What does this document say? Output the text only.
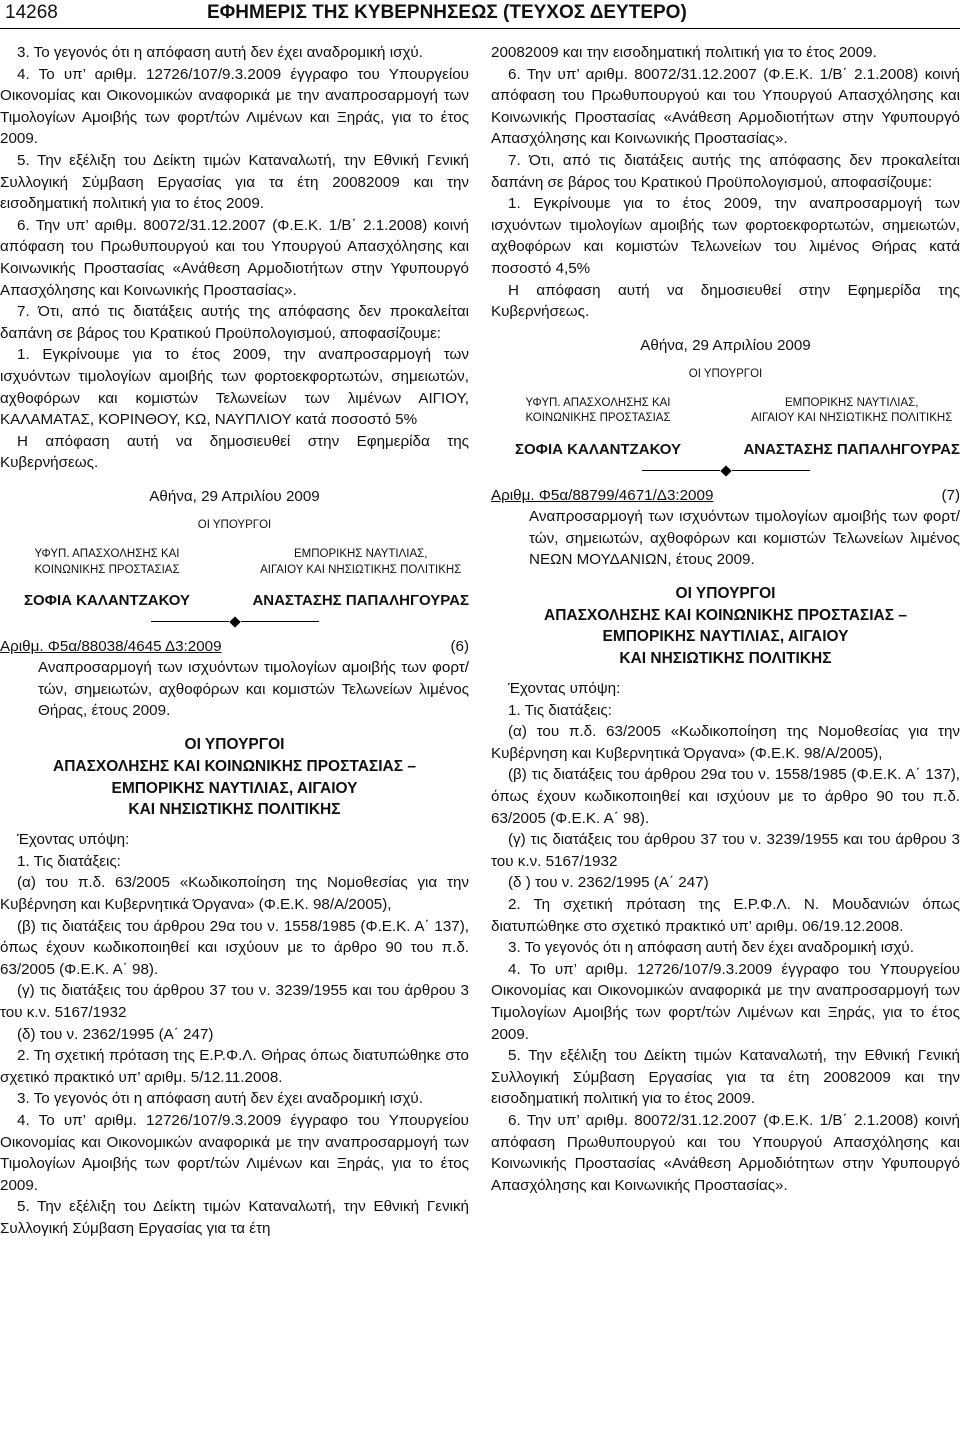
14268	ΕΦΗΜΕΡΙΣ ΤΗΣ ΚΥΒΕΡΝΗΣΕΩΣ (ΤΕΥΧΟΣ ΔΕΥΤΕΡΟ)

3. Το γεγονός ότι η απόφαση αυτή δεν έχει αναδρομική ισχύ.

4. Το υπ’ αριθμ. 12726/107/9.3.2009 έγγραφο του Υπουργείου Οικονομίας και Οικονομικών αναφορικά με την αναπροσαρμογή των Τιμολογίων Αμοιβής των φορτ/τών Λιμένων και Ξηράς, για το έτος 2009.

5. Την εξέλιξη του Δείκτη τιμών Καταναλωτή, την Εθνική Γενική Συλλογική Σύμβαση Εργασίας για τα έτη 20082009 και την εισοδηματική πολιτική για το έτος 2009.

6. Την υπ’ αριθμ. 80072/31.12.2007 (Φ.Ε.Κ. 1/Β΄ 2.1.2008) κοινή απόφαση του Πρωθυπουργού και του Υπουργού Απασχόλησης και Κοινωνικής Προστασίας «Ανάθεση Αρμοδιοτήτων στην Υφυπουργό Απασχόλησης και Κοινωνικής Προστασίας».

7. Ότι, από τις διατάξεις αυτής της απόφασης δεν προκαλείται δαπάνη σε βάρος του Κρατικού Προϋπολογισμού, αποφασίζουμε:

1. Εγκρίνουμε για το έτος 2009, την αναπροσαρμογή των ισχυόντων τιμολογίων αμοιβής των φορτοεκφορτωτών, σημειωτών, αχθοφόρων και κομιστών Τελωνείων των λιμένων ΑΙΓΙΟΥ, ΚΑΛΑΜΑΤΑΣ, ΚΟΡΙΝΘΟΥ, ΚΩ, ΝΑΥΠΛΙΟΥ κατά ποσοστό 5%

Η απόφαση αυτή να δημοσιευθεί στην Εφημερίδα της Κυβερνήσεως.

Αθήνα, 29 Απριλίου 2009

ΟΙ ΥΠΟΥΡΓΟΙ

ΥΦΥΠ. ΑΠΑΣΧΟΛΗΣΗΣ ΚΑΙ
ΚΟΙΝΩΝΙΚΗΣ ΠΡΟΣΤΑΣΙΑΣ
ΣΟΦΙΑ ΚΑΛΑΝΤΖΑΚΟΥ
ΕΜΠΟΡΙΚΗΣ ΝΑΥΤΙΛΙΑΣ,
ΑΙΓΑΙΟΥ ΚΑΙ ΝΗΣΙΩΤΙΚΗΣ ΠΟΛΙΤΙΚΗΣ
ΑΝΑΣΤΑΣΗΣ ΠΑΠΑΛΗΓΟΥΡΑΣ
Αριθμ. Φ5α/88038/4645 Δ3:2009	(6)

Αναπροσαρμογή των ισχυόντων τιμολογίων αμοιβής των φορτ/τών, σημειωτών, αχθοφόρων και κομιστών Τελωνείων λιμένος Θήρας, έτους 2009.

ΟΙ ΥΠΟΥΡΓΟΙ

ΑΠΑΣΧΟΛΗΣΗΣ ΚΑΙ ΚΟΙΝΩΝΙΚΗΣ ΠΡΟΣΤΑΣΙΑΣ –

ΕΜΠΟΡΙΚΗΣ ΝΑΥΤΙΛΙΑΣ, ΑΙΓΑΙΟΥ

ΚΑΙ ΝΗΣΙΩΤΙΚΗΣ ΠΟΛΙΤΙΚΗΣ

Έχοντας υπόψη:

1. Τις διατάξεις:

(α) του π.δ. 63/2005 «Κωδικοποίηση της Νομοθεσίας για την Κυβέρνηση και Κυβερνητικά Όργανα» (Φ.Ε.Κ. 98/Α/2005),

(β) τις διατάξεις του άρθρου 29α του ν. 1558/1985 (Φ.Ε.Κ. Α΄ 137), όπως έχουν κωδικοποιηθεί και ισχύουν με το άρθρο 90 του π.δ. 63/2005 (Φ.Ε.Κ. Α΄ 98).

(γ) τις διατάξεις του άρθρου 37 του ν. 3239/1955 και του άρθρου 3 του κ.ν. 5167/1932

(δ) του ν. 2362/1995 (Α΄ 247)

2. Τη σχετική πρόταση της Ε.Ρ.Φ.Λ. Θήρας όπως διατυπώθηκε στο σχετικό πρακτικό υπ’ αριθμ. 5/12.11.2008.

3. Το γεγονός ότι η απόφαση αυτή δεν έχει αναδρομική ισχύ.

4. Το υπ’ αριθμ. 12726/107/9.3.2009 έγγραφο του Υπουργείου Οικονομίας και Οικονομικών αναφορικά με την αναπροσαρμογή των Τιμολογίων Αμοιβής των φορτ/τών Λιμένων και Ξηράς, για το έτος 2009.

5. Την εξέλιξη του Δείκτη τιμών Καταναλωτή, την Εθνική Γενική Συλλογική Σύμβαση Εργασίας για τα έτη

20082009 και την εισοδηματική πολιτική για το έτος 2009.

6. Την υπ’ αριθμ. 80072/31.12.2007 (Φ.Ε.Κ. 1/Β΄ 2.1.2008) κοινή απόφαση του Πρωθυπουργού και του Υπουργού Απασχόλησης και Κοινωνικής Προστασίας «Ανάθεση Αρμοδιοτήτων στην Υφυπουργό Απασχόλησης και Κοινωνικής Προστασίας».

7. Ότι, από τις διατάξεις αυτής της απόφασης δεν προκαλείται δαπάνη σε βάρος του Κρατικού Προϋπολογισμού, αποφασίζουμε:

1. Εγκρίνουμε για το έτος 2009, την αναπροσαρμογή των ισχυόντων τιμολογίων αμοιβής των φορτοεκφορτωτών, σημειωτών, αχθοφόρων και κομιστών Τελωνείων του λιμένος Θήρας κατά ποσοστό 4,5%

Η απόφαση αυτή να δημοσιευθεί στην Εφημερίδα της Κυβερνήσεως.

Αθήνα, 29 Απριλίου 2009

ΟΙ ΥΠΟΥΡΓΟΙ

ΥΦΥΠ. ΑΠΑΣΧΟΛΗΣΗΣ ΚΑΙ
ΚΟΙΝΩΝΙΚΗΣ ΠΡΟΣΤΑΣΙΑΣ
ΣΟΦΙΑ ΚΑΛΑΝΤΖΑΚΟΥ
ΕΜΠΟΡΙΚΗΣ ΝΑΥΤΙΛΙΑΣ,
ΑΙΓΑΙΟΥ ΚΑΙ ΝΗΣΙΩΤΙΚΗΣ ΠΟΛΙΤΙΚΗΣ
ΑΝΑΣΤΑΣΗΣ ΠΑΠΑΛΗΓΟΥΡΑΣ
Αριθμ. Φ5α/88799/4671/Δ3:2009	(7)

Αναπροσαρμογή των ισχυόντων τιμολογίων αμοιβής των φορτ/τών, σημειωτών, αχθοφόρων και κομιστών Τελωνείων λιμένος ΝΕΩΝ ΜΟΥΔΑΝΙΩΝ, έτους 2009.

ΟΙ ΥΠΟΥΡΓΟΙ

ΑΠΑΣΧΟΛΗΣΗΣ ΚΑΙ ΚΟΙΝΩΝΙΚΗΣ ΠΡΟΣΤΑΣΙΑΣ –

ΕΜΠΟΡΙΚΗΣ ΝΑΥΤΙΛΙΑΣ, ΑΙΓΑΙΟΥ

ΚΑΙ ΝΗΣΙΩΤΙΚΗΣ ΠΟΛΙΤΙΚΗΣ

Έχοντας υπόψη:

1. Τις διατάξεις:

(α) του π.δ. 63/2005 «Κωδικοποίηση της Νομοθεσίας για την Κυβέρνηση και Κυβερνητικά Όργανα» (Φ.Ε.Κ. 98/Α/2005),

(β) τις διατάξεις του άρθρου 29α του ν. 1558/1985 (Φ.Ε.Κ. Α΄ 137), όπως έχουν κωδικοποιηθεί και ισχύουν με το άρθρο 90 του π.δ. 63/2005 (Φ.Ε.Κ. Α΄ 98).

(γ) τις διατάξεις του άρθρου 37 του ν. 3239/1955 και του άρθρου 3 του κ.ν. 5167/1932

(δ ) του ν. 2362/1995 (Α΄ 247)

2. Τη σχετική πρόταση της Ε.Ρ.Φ.Λ. Ν. Μουδανιών όπως διατυπώθηκε στο σχετικό πρακτικό υπ’ αριθμ. 06/19.12.2008.

3. Το γεγονός ότι η απόφαση αυτή δεν έχει αναδρομική ισχύ.

4. Το υπ’ αριθμ. 12726/107/9.3.2009 έγγραφο του Υπουργείου Οικονομίας και Οικονομικών αναφορικά με την αναπροσαρμογή των Τιμολογίων Αμοιβής των φορτ/τών Λιμένων και Ξηράς, για το έτος 2009.

5. Την εξέλιξη του Δείκτη τιμών Καταναλωτή, την Εθνική Γενική Συλλογική Σύμβαση Εργασίας για τα έτη 20082009 και την εισοδηματική πολιτική για το έτος 2009.

6. Την υπ’ αριθμ. 80072/31.12.2007 (Φ.Ε.Κ. 1/Β΄ 2.1.2008) κοινή απόφαση Πρωθυπουργού και του Υπουργού Απασχόλησης και Κοινωνικής Προστασίας «Ανάθεση Αρμοδιότητων στην Υφυπουργό Απασχόλησης και Κοινωνικής Προστασίας».
